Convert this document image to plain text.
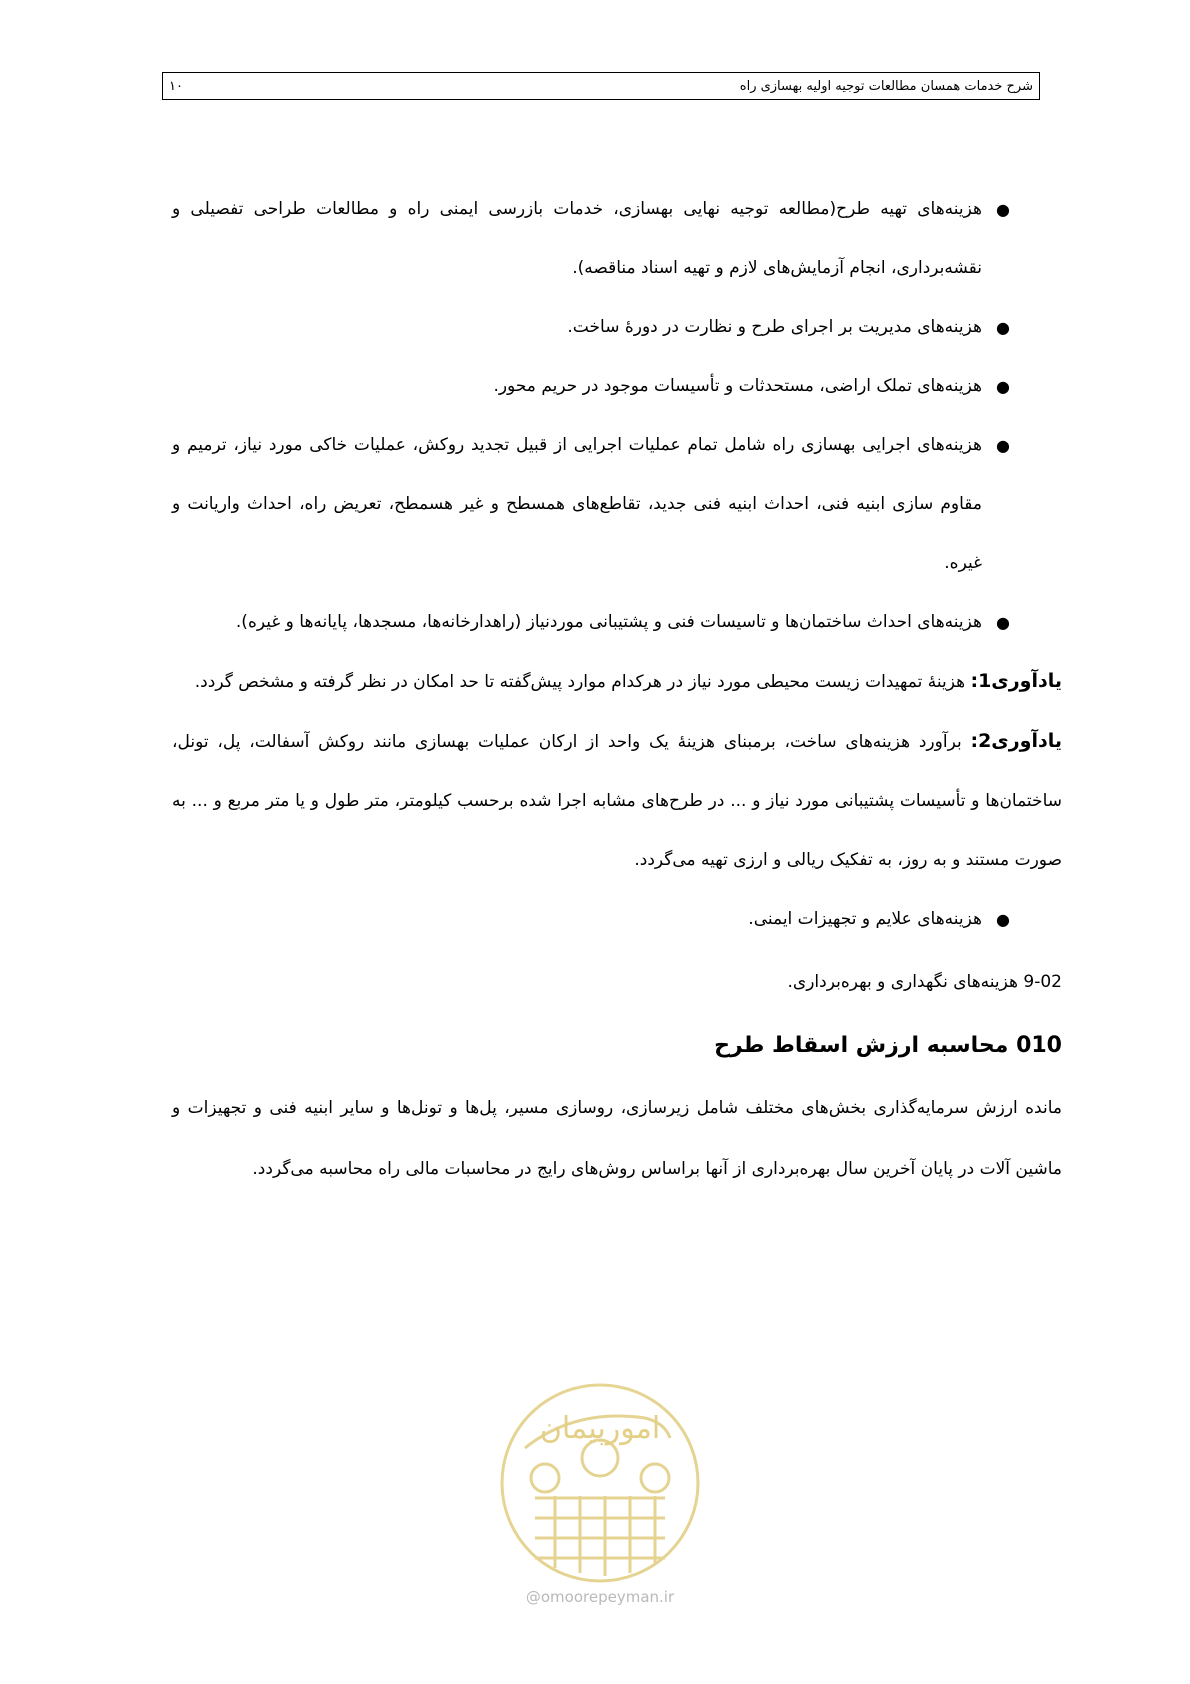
شرح خدمات همسان مطالعات توجیه اولیه بهسازی راه
۱۰
●
هزینه‌های تهیه طرح(مطالعه توجیه نهایی بهسازی، خدمات بازرسی ایمنی راه و مطالعات طراحی تفصیلی و نقشه‌برداری، انجام آزمایش‌های لازم و تهیه اسناد مناقصه).
●
هزینه‌های مدیریت بر اجرای طرح و نظارت در دورهٔ ساخت.
●
هزینه‌های تملک اراضی، مستحدثات و تأسیسات موجود در حریم محور.
●
هزینه‌های اجرایی بهسازی راه شامل تمام عملیات اجرایی از قبیل تجدید روکش، عملیات خاکی مورد نیاز، ترمیم و مقاوم سازی ابنیه فنی، احداث ابنیه فنی جدید، تقاطع‌های همسطح و غیر هسمطح، تعریض راه، احداث واریانت و غیره.
●
هزینه‌های احداث ساختمان‌ها و تاسیسات فنی و پشتیبانی موردنیاز (راهدارخانه‌ها، مسجدها، پایانه‌ها و غیره).
یادآوری1: هزینهٔ تمهیدات زیست محیطی مورد نیاز در هرکدام موارد پیش‌گفته تا حد امکان در نظر گرفته و مشخص گردد.
یادآوری2: برآورد هزینه‌های ساخت، برمبنای هزینهٔ یک واحد از ارکان عملیات بهسازی مانند روکش آسفالت، پل، تونل، ساختمان‌ها و تأسیسات پشتیبانی مورد نیاز و ... در طرح‌های مشابه اجرا شده برحسب کیلومتر، متر طول و یا متر مربع و ... به صورت مستند و به روز، به تفکیک ریالی و ارزی تهیه می‌گردد.
●
هزینه‌های علایم و تجهیزات ایمنی.
9-02 هزینه‌های نگهداری و بهره‌برداری.
010 محاسبه ارزش اسقاط طرح
مانده ارزش سرمایه‌گذاری بخش‌های مختلف شامل زیرسازی، روسازی مسیر، پل‌ها و تونل‌ها و سایر ابنیه فنی و تجهیزات و ماشین آلات در پایان آخرین سال بهره‌برداری از آنها براساس روش‌های رایج در محاسبات مالی راه محاسبه می‌گردد.
امورپیمان
@omoorepeyman.ir
